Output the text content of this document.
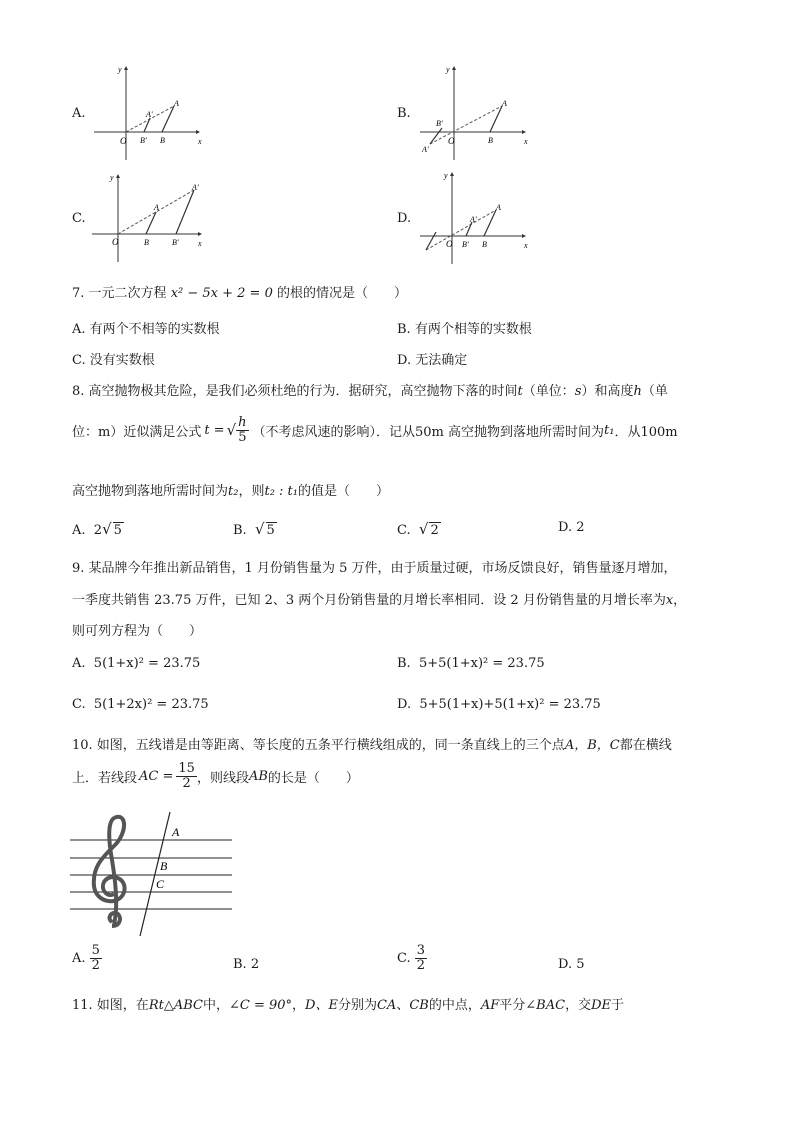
A.
O	x
y
A
B
A'
B'
B.
O	x
y
A
B
A'
B'
C.
O	x
y
A
B
A'
B'
D.
O	x
y
A
B
A'
B'
7. 一元二次方程 x² − 5x + 2 = 0 的根的情况是（　　）
A. 有两个不相等的实数根	B. 有两个相等的实数根
C. 没有实数根	D. 无法确定
8. 高空抛物极其危险，是我们必须杜绝的行为．据研究，高空抛物下落的时间t（单位：s）和高度h（单
位：m）近似满足公式 t = √ $\frac{h}{5}$ （不考虑风速的影响）．记从50m 高空抛物到落地所需时间为 t₁ ．从100m
高空抛物到落地所需时间为t₂，则t₂ : t₁的值是（　　）
A. 2√ 5	B. √ 5	C. √ 2	D. 2
9. 某品牌今年推出新品销售，1 月份销售量为 5 万件，由于质量过硬，市场反馈良好，销售量逐月增加，
一季度共销售 23.75 万件，已知 2、3 两个月份销售量的月增长率相同．设 2 月份销售量的月增长率为x，
则可列方程为（　　）
A. 5(1+x)² = 23.75	B. 5+5(1+x)² = 23.75
C. 5(1+2x)² = 23.75	D. 5+5(1+x)+5(1+x)² = 23.75
10. 如图，五线谱是由等距离、等长度的五条平行横线组成的，同一条直线上的三个点A，B，C都在横线
上．若线段 AC = $\frac{15}{2}$ ，则线段 AB 的长是（　　）
A
B
C
A.
$\frac{5}{2}$	B. 2	C.
$\frac{3}{2}$	D. 5
11. 如图，在Rt△ABC中，∠C = 90°，D、E分别为CA、CB的中点，AF平分∠BAC，交DE于
